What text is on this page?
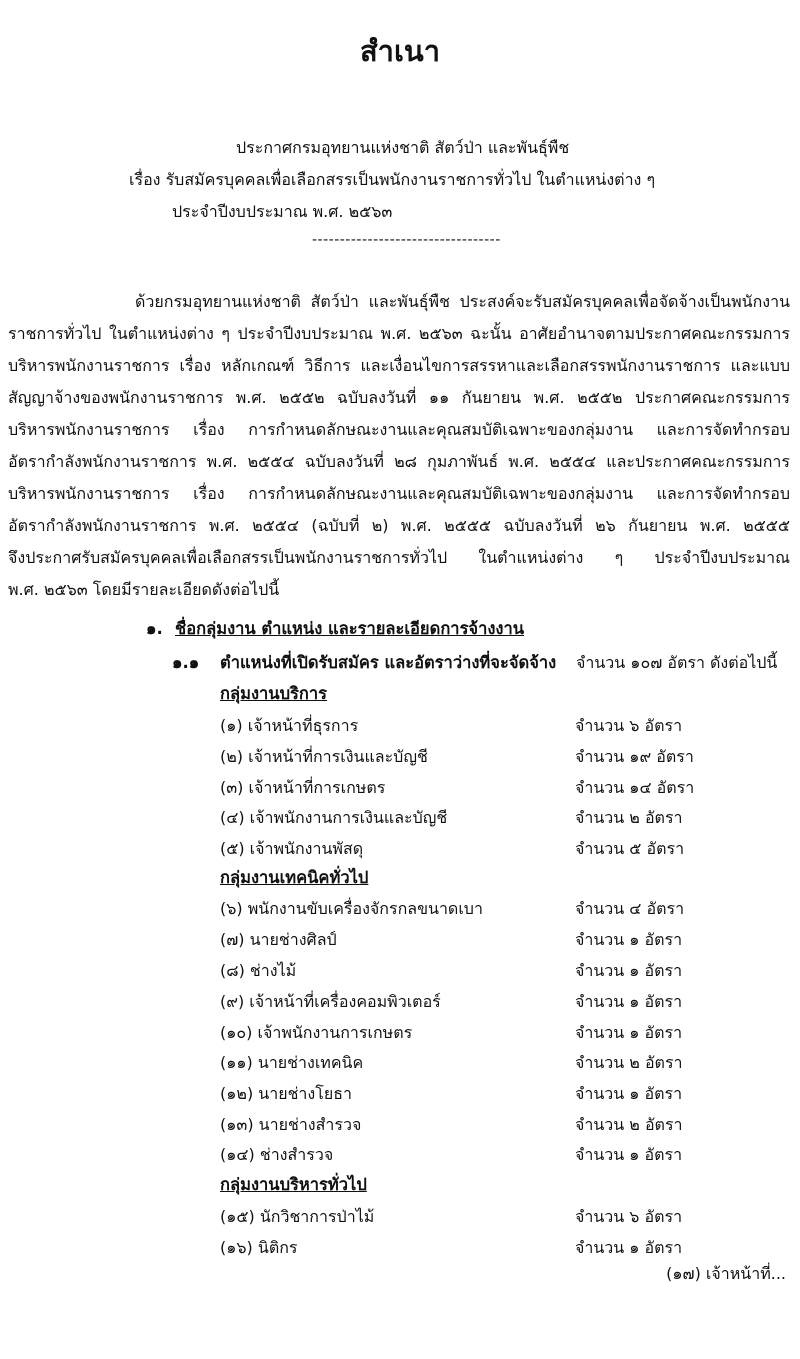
สำเนา
ประกาศกรมอุทยานแห่งชาติ สัตว์ป่า และพันธุ์พืช
เรื่อง รับสมัครบุคคลเพื่อเลือกสรรเป็นพนักงานราชการทั่วไป ในตำแหน่งต่าง ๆ
ประจำปีงบประมาณ พ.ศ. ๒๕๖๓
----------------------------------
ด้วยกรมอุทยานแห่งชาติ สัตว์ป่า และพันธุ์พืช ประสงค์จะรับสมัครบุคคลเพื่อจัดจ้างเป็นพนักงาน
ราชการทั่วไป ในตำแหน่งต่าง ๆ ประจำปีงบประมาณ พ.ศ. ๒๕๖๓ ฉะนั้น อาศัยอำนาจตามประกาศคณะกรรมการ
บริหารพนักงานราชการ เรื่อง หลักเกณฑ์ วิธีการ และเงื่อนไขการสรรหาและเลือกสรรพนักงานราชการ และแบบ
สัญญาจ้างของพนักงานราชการ พ.ศ. ๒๕๕๒ ฉบับลงวันที่ ๑๑ กันยายน พ.ศ. ๒๕๕๒ ประกาศคณะกรรมการ
บริหารพนักงานราชการ เรื่อง การกำหนดลักษณะงานและคุณสมบัติเฉพาะของกลุ่มงาน และการจัดทำกรอบ
อัตรากำลังพนักงานราชการ พ.ศ. ๒๕๕๔ ฉบับลงวันที่ ๒๘ กุมภาพันธ์ พ.ศ. ๒๕๕๔ และประกาศคณะกรรมการ
บริหารพนักงานราชการ เรื่อง การกำหนดลักษณะงานและคุณสมบัติเฉพาะของกลุ่มงาน และการจัดทำกรอบ
อัตรากำลังพนักงานราชการ พ.ศ. ๒๕๕๔ (ฉบับที่ ๒) พ.ศ. ๒๕๕๕ ฉบับลงวันที่ ๒๖ กันยายน พ.ศ. ๒๕๕๕
จึงประกาศรับสมัครบุคคลเพื่อเลือกสรรเป็นพนักงานราชการทั่วไป ในตำแหน่งต่าง ๆ ประจำปีงบประมาณ
พ.ศ. ๒๕๖๓ โดยมีรายละเอียดดังต่อไปนี้
๑. ชื่อกลุ่มงาน ตำแหน่ง และรายละเอียดการจ้างงาน
๑.๑ ตำแหน่งที่เปิดรับสมัคร และอัตราว่างที่จะจัดจ้าง จำนวน ๑๐๗ อัตรา ดังต่อไปนี้
กลุ่มงานบริการ
(๑) เจ้าหน้าที่ธุรการ	จำนวน ๖ อัตรา
(๒) เจ้าหน้าที่การเงินและบัญชี	จำนวน ๑๙ อัตรา
(๓) เจ้าหน้าที่การเกษตร	จำนวน ๑๔ อัตรา
(๔) เจ้าพนักงานการเงินและบัญชี	จำนวน ๒ อัตรา
(๕) เจ้าพนักงานพัสดุ	จำนวน ๕ อัตรา
กลุ่มงานเทคนิคทั่วไป
(๖) พนักงานขับเครื่องจักรกลขนาดเบา	จำนวน ๔ อัตรา
(๗) นายช่างศิลป์	จำนวน ๑ อัตรา
(๘) ช่างไม้	จำนวน ๑ อัตรา
(๙) เจ้าหน้าที่เครื่องคอมพิวเตอร์	จำนวน ๑ อัตรา
(๑๐) เจ้าพนักงานการเกษตร	จำนวน ๑ อัตรา
(๑๑) นายช่างเทคนิค	จำนวน ๒ อัตรา
(๑๒) นายช่างโยธา	จำนวน ๑ อัตรา
(๑๓) นายช่างสำรวจ	จำนวน ๒ อัตรา
(๑๔) ช่างสำรวจ	จำนวน ๑ อัตรา
กลุ่มงานบริหารทั่วไป
(๑๕) นักวิชาการป่าไม้	จำนวน ๖ อัตรา
(๑๖) นิติกร	จำนวน ๑ อัตรา
(๑๗) เจ้าหน้าที่...
